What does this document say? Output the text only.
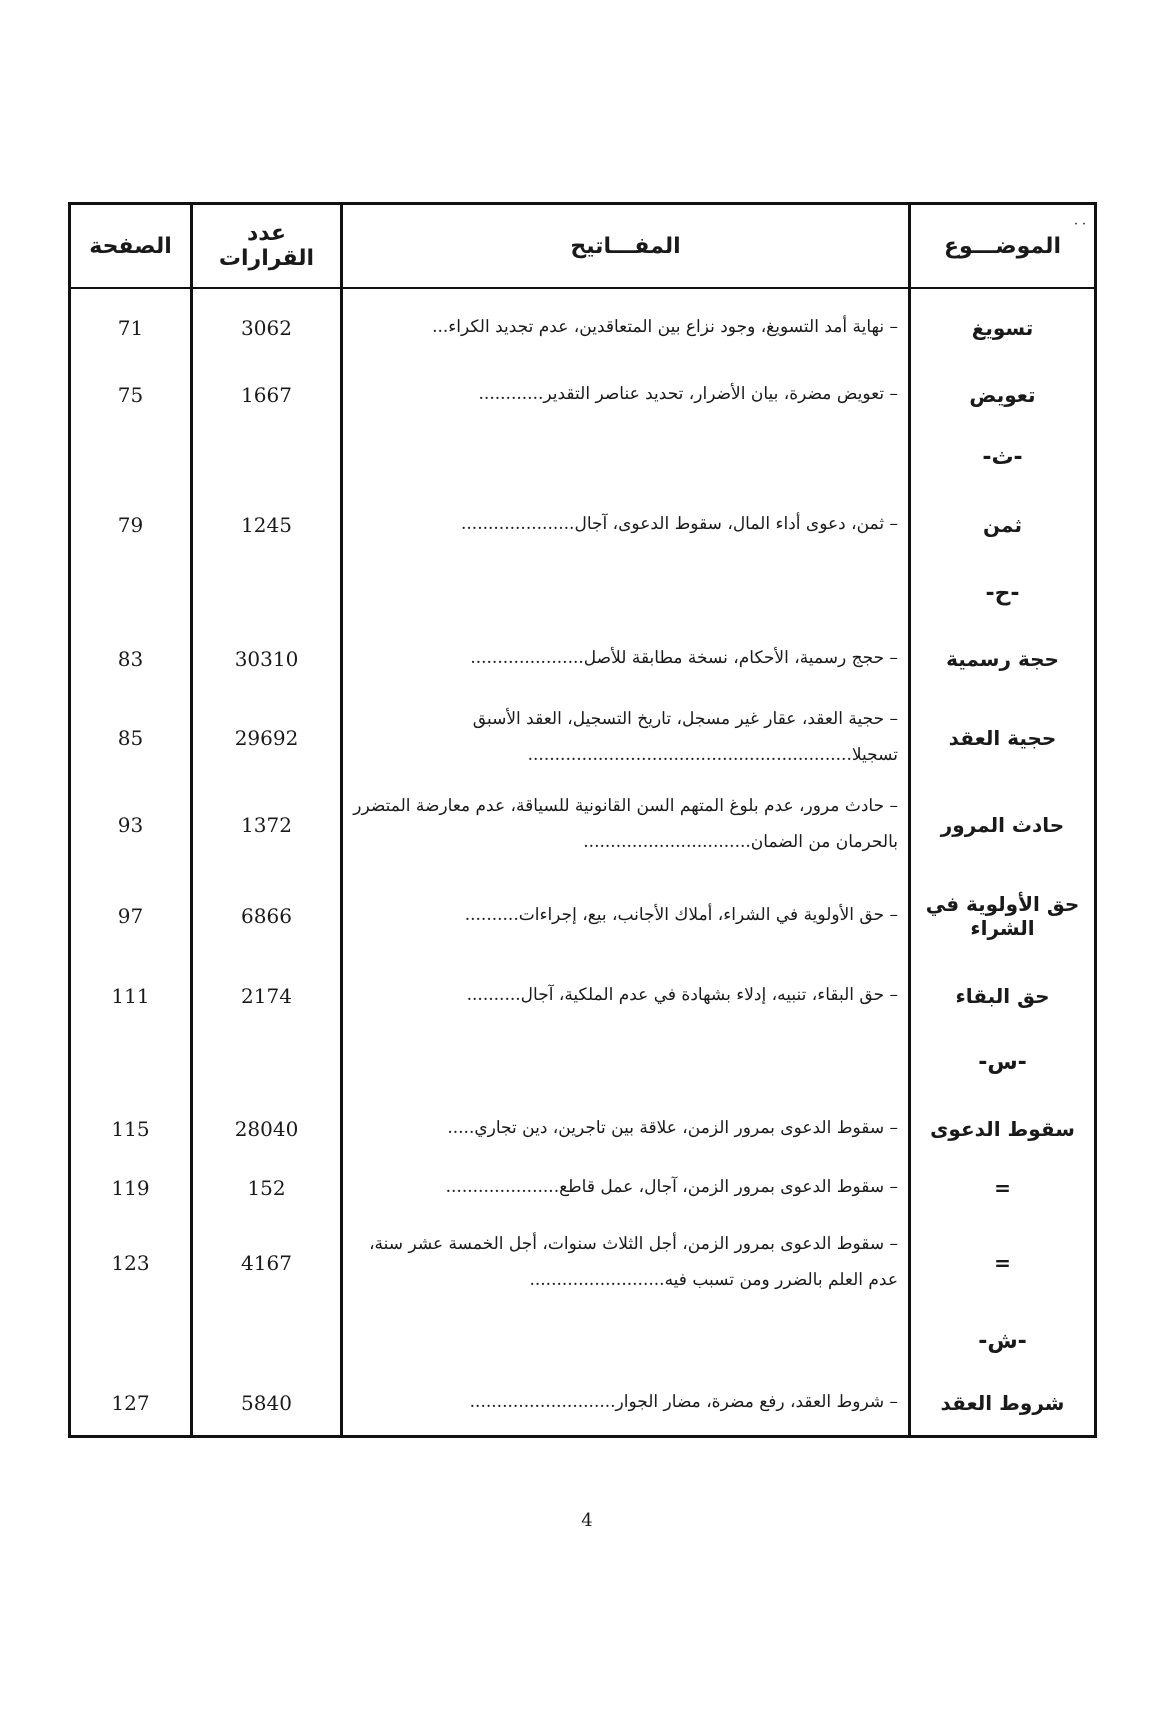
˙˙
الموضـــوع	المفـــاتيح	عدد القرارات	الصفحة
تسويغ	– نهاية أمد التسويغ، وجود نزاع بين المتعاقدين، عدم تجديد الكراء...	3062	71
تعويض	– تعويض مضرة، بيان الأضرار، تحديد عناصر التقدير............	1667	75
-ث-			
ثمن	– ثمن، دعوى أداء المال، سقوط الدعوى، آجال.....................	1245	79
-ح-			
حجة رسمية	– حجج رسمية، الأحكام، نسخة مطابقة للأصل.....................	30310	83
حجية العقد	– حجية العقد، عقار غير مسجل، تاريخ التسجيل، العقد الأسبق تسجيلا............................................................	29692	85
حادث المرور	– حادث مرور، عدم بلوغ المتهم السن القانونية للسياقة، عدم معارضة المتضرر بالحرمان من الضمان...............................	1372	93
حق الأولوية في الشراء	– حق الأولوية في الشراء، أملاك الأجانب، بيع، إجراءات..........	6866	97
حق البقاء	– حق البقاء، تنبيه، إدلاء بشهادة في عدم الملكية، آجال..........	2174	111
-س-			
سقوط الدعوى	– سقوط الدعوى بمرور الزمن، علاقة بين تاجرين، دين تجاري.....	28040	115
=	– سقوط الدعوى بمرور الزمن، آجال، عمل قاطع.....................	152	119
=	– سقوط الدعوى بمرور الزمن، أجل الثلاث سنوات، أجل الخمسة عشر سنة، عدم العلم بالضرر ومن تسبب فيه.........................	4167	123
-ش-			
شروط العقد	– شروط العقد، رفع مضرة، مضار الجوار...........................	5840	127
4
